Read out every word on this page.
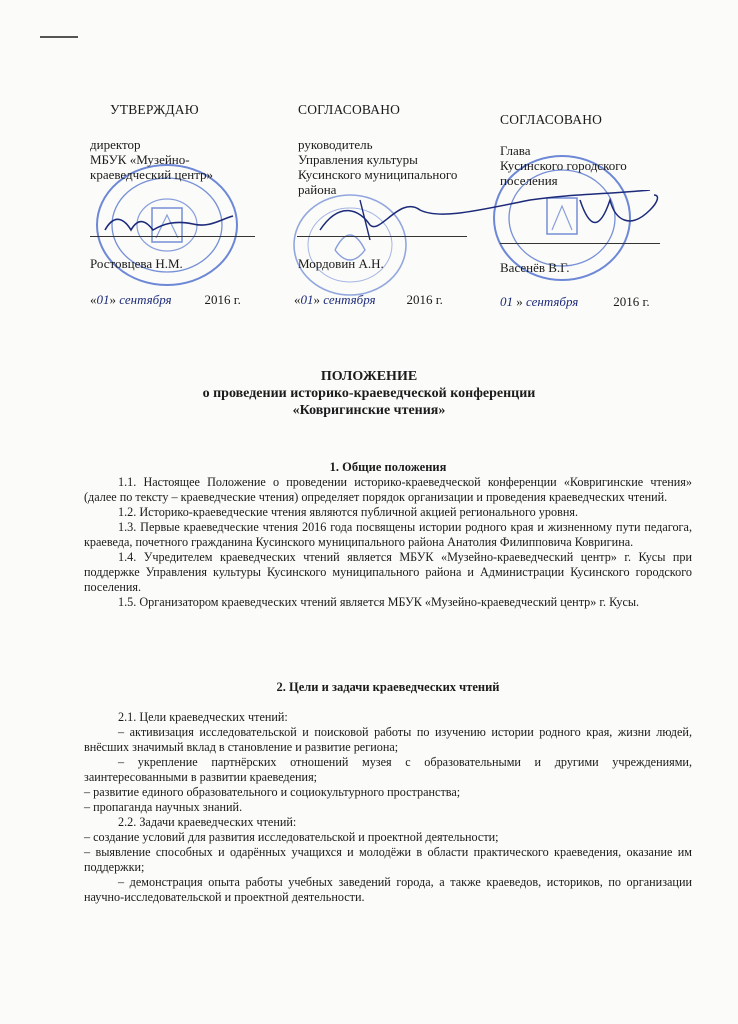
УТВЕРЖДАЮ
директор
МБУК «Музейно-
краеведческий центр»
Ростовцева Н.М.
«01» сентября	2016 г.
СОГЛАСОВАНО
руководитель
Управления культуры
Кусинского муниципального
района
Мордовин А.Н.
«01» сентября 2016 г.
СОГЛАСОВАНО
Глава
Кусинского городского
поселения
Васенёв В.Г.
01 » сентября	2016 г.
ПОЛОЖЕНИЕ
о проведении историко-краеведческой конференции
«Ковригинские чтения»
1. Общие положения

1.1. Настоящее Положение о проведении историко-краеведческой конференции «Ковригинские чтения» (далее по тексту – краеведческие чтения) определяет порядок организации и проведения краеведческих чтений.

1.2. Историко-краеведческие чтения являются публичной акцией регионального уровня.

1.3. Первые краеведческие чтения 2016 года посвящены истории родного края и жизненному пути педагога, краеведа, почетного гражданина Кусинского муниципального района Анатолия Филипповича Ковригина.

1.4. Учредителем краеведческих чтений является МБУК «Музейно-краеведческий центр» г. Кусы при поддержке Управления культуры Кусинского муниципального района и Администрации Кусинского городского поселения.

1.5. Организатором краеведческих чтений является МБУК «Музейно-краеведческий центр» г. Кусы.

2. Цели и задачи краеведческих чтений

2.1. Цели краеведческих чтений:

– активизация исследовательской и поисковой работы по изучению истории родного края, жизни людей, внёсших значимый вклад в становление и развитие региона;

– укрепление партнёрских отношений музея с образовательными и другими учреждениями, заинтересованными в развитии краеведения;

– развитие единого образовательного и социокультурного пространства;

– пропаганда научных знаний.

2.2. Задачи краеведческих чтений:

– создание условий для развития исследовательской и проектной деятельности;

– выявление способных и одарённых учащихся и молодёжи в области практического краеведения, оказание им поддержки;

– демонстрация опыта работы учебных заведений города, а также краеведов, историков, по организации научно-исследовательской и проектной деятельности.
